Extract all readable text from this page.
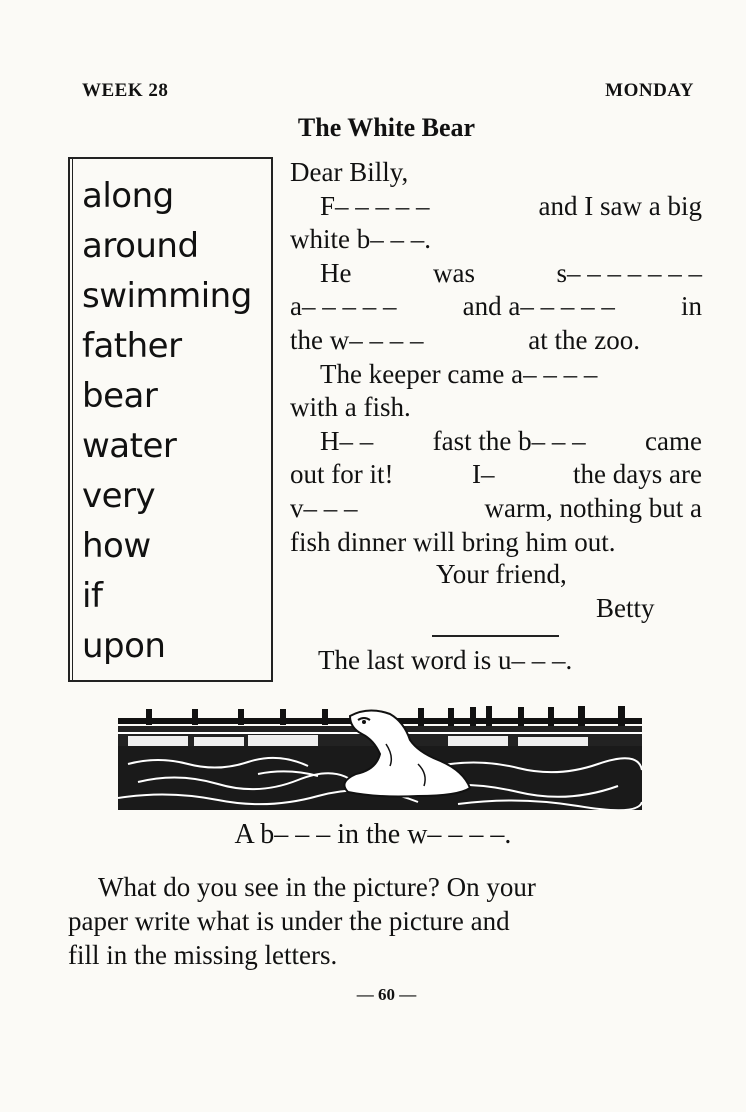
WEEK 28	MONDAY
The White Bear
along
around
swimming
father
bear
water
very
how
if
upon
Dear Billy,
F– – – – –	and I saw a big
white b– – –.
He	was	s– – – – – – –
a– – – – – and a– – – – – in
the w– – – –	at the zoo.
The keeper came a– – – –
with a fish.
H– – fast the b– – – came
out for it!	I–	the days are
v– – –	warm, nothing but a
fish dinner will bring him out.
Your friend,
Betty
The last word is u– – –.
A b– – – in the w– – – –.
What do you see in the picture? On your
paper write what is under the picture and
fill in the missing letters.
— 60 —
